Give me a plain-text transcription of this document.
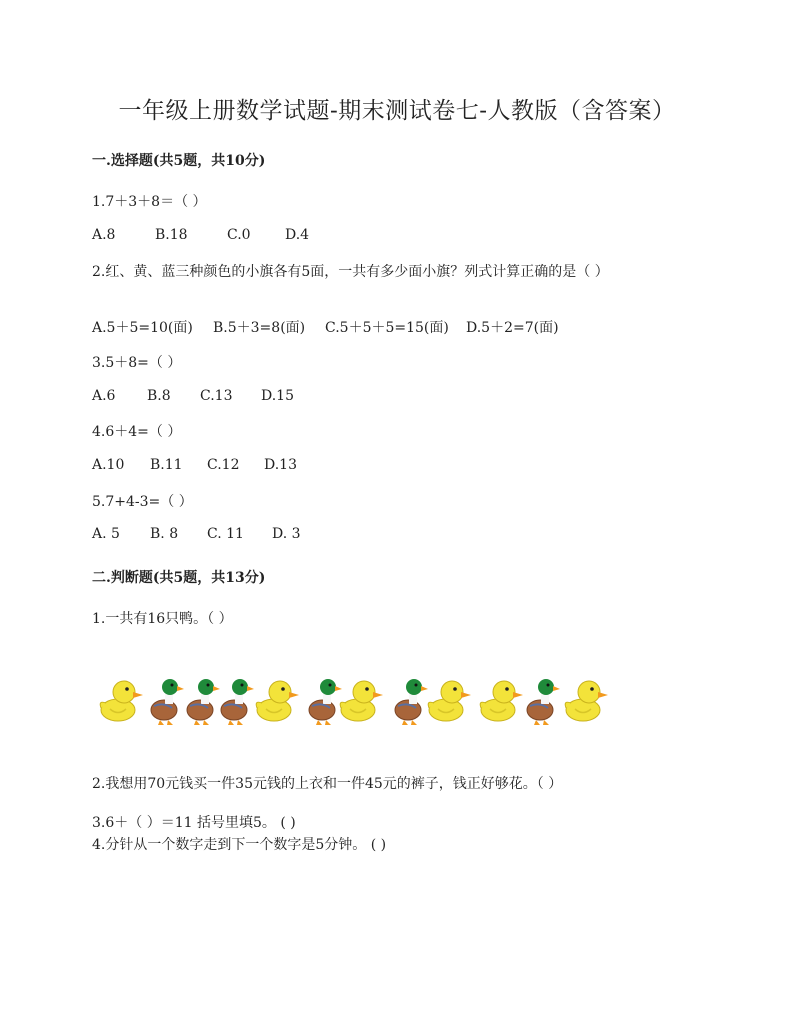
一年级上册数学试题-期末测试卷七-人教版（含答案）
一.选择题(共5题，共10分)
1.7＋3＋8＝（ ）
A.8	B.18	C.0 D.4
2.红、黄、蓝三种颜色的小旗各有5面，一共有多少面小旗？列式计算正确的是（ ）
A.5＋5=10(面) B.5＋3=8(面) C.5＋5＋5=15(面) D.5＋2=7(面)
3.5＋8=（ ）
A.6 B.8 C.13 D.15
4.6＋4=（ ）
A.10 B.11 C.12 D.13
5.7+4-3=（ ）
A. 5 B. 8 C. 11 D. 3
二.判断题(共5题，共13分)
1.一共有16只鸭。（ ）
2.我想用70元钱买一件35元钱的上衣和一件45元的裤子，钱正好够花。（ ）
3.6＋（ ）＝11 括号里填5。 ( )
4.分针从一个数字走到下一个数字是5分钟。 ( )
